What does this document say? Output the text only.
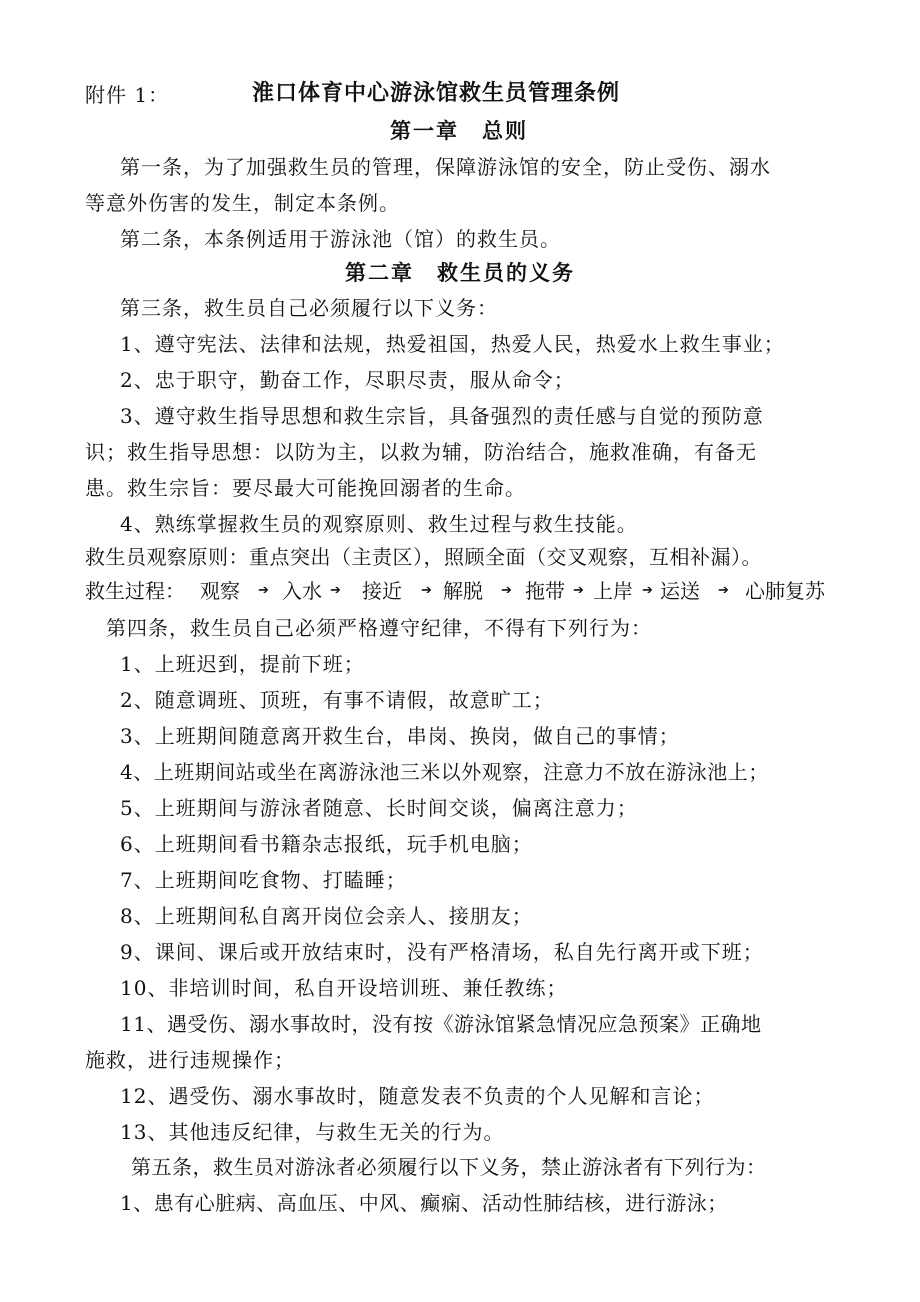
附件 1：	淮口体育中心游泳馆救生员管理条例
第一章　总则
第一条，为了加强救生员的管理，保障游泳馆的安全，防止受伤、溺水
等意外伤害的发生，制定本条例。
第二条，本条例适用于游泳池（馆）的救生员。
第二章　救生员的义务
第三条，救生员自己必须履行以下义务：
1、遵守宪法、法律和法规，热爱祖国，热爱人民，热爱水上救生事业；
2、忠于职守，勤奋工作，尽职尽责，服从命令；
3、遵守救生指导思想和救生宗旨，具备强烈的责任感与自觉的预防意
识；救生指导思想：以防为主，以救为辅，防治结合，施救准确，有备无
患。救生宗旨：要尽最大可能挽回溺者的生命。
4、熟练掌握救生员的观察原则、救生过程与救生技能。
救生员观察原则：重点突出（主责区），照顾全面（交叉观察，互相补漏）。
救生过程： 观察 ➔ 入水 ➔ 接近 ➔ 解脱 ➔ 拖带 ➔ 上岸 ➔ 运送 ➔ 心肺复苏
第四条，救生员自己必须严格遵守纪律，不得有下列行为：
1、上班迟到，提前下班；
2、随意调班、顶班，有事不请假，故意旷工；
3、上班期间随意离开救生台，串岗、换岗，做自己的事情；
4、上班期间站或坐在离游泳池三米以外观察，注意力不放在游泳池上；
5、上班期间与游泳者随意、长时间交谈，偏离注意力；
6、上班期间看书籍杂志报纸，玩手机电脑；
7、上班期间吃食物、打瞌睡；
8、上班期间私自离开岗位会亲人、接朋友；
9、课间、课后或开放结束时，没有严格清场，私自先行离开或下班；
10、非培训时间，私自开设培训班、兼任教练；
11、遇受伤、溺水事故时，没有按《游泳馆紧急情况应急预案》正确地
施救，进行违规操作；
12、遇受伤、溺水事故时，随意发表不负责的个人见解和言论；
13、其他违反纪律，与救生无关的行为。
第五条，救生员对游泳者必须履行以下义务，禁止游泳者有下列行为：
1、患有心脏病、高血压、中风、癫痫、活动性肺结核，进行游泳；
